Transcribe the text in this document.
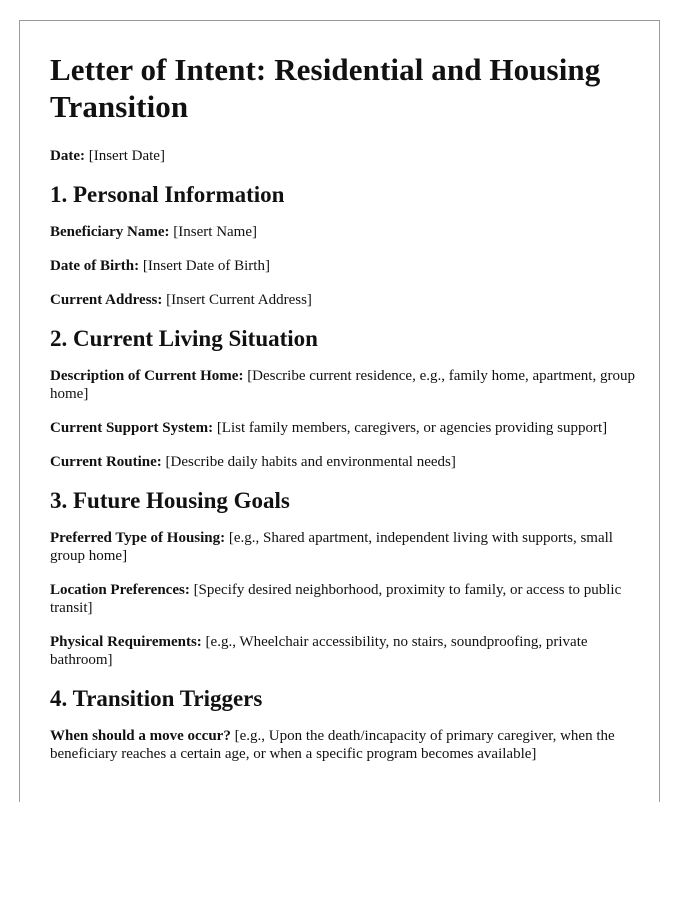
Letter of Intent: Residential and Housing Transition

Date: [Insert Date]

1. Personal Information

Beneficiary Name: [Insert Name]

Date of Birth: [Insert Date of Birth]

Current Address: [Insert Current Address]

2. Current Living Situation

Description of Current Home: [Describe current residence, e.g., family home, apartment, group home]

Current Support System: [List family members, caregivers, or agencies providing support]

Current Routine: [Describe daily habits and environmental needs]

3. Future Housing Goals

Preferred Type of Housing: [e.g., Shared apartment, independent living with supports, small group home]

Location Preferences: [Specify desired neighborhood, proximity to family, or access to public transit]

Physical Requirements: [e.g., Wheelchair accessibility, no stairs, soundproofing, private bathroom]

4. Transition Triggers

When should a move occur? [e.g., Upon the death/incapacity of primary caregiver, when the beneficiary reaches a certain age, or when a specific program becomes available]
